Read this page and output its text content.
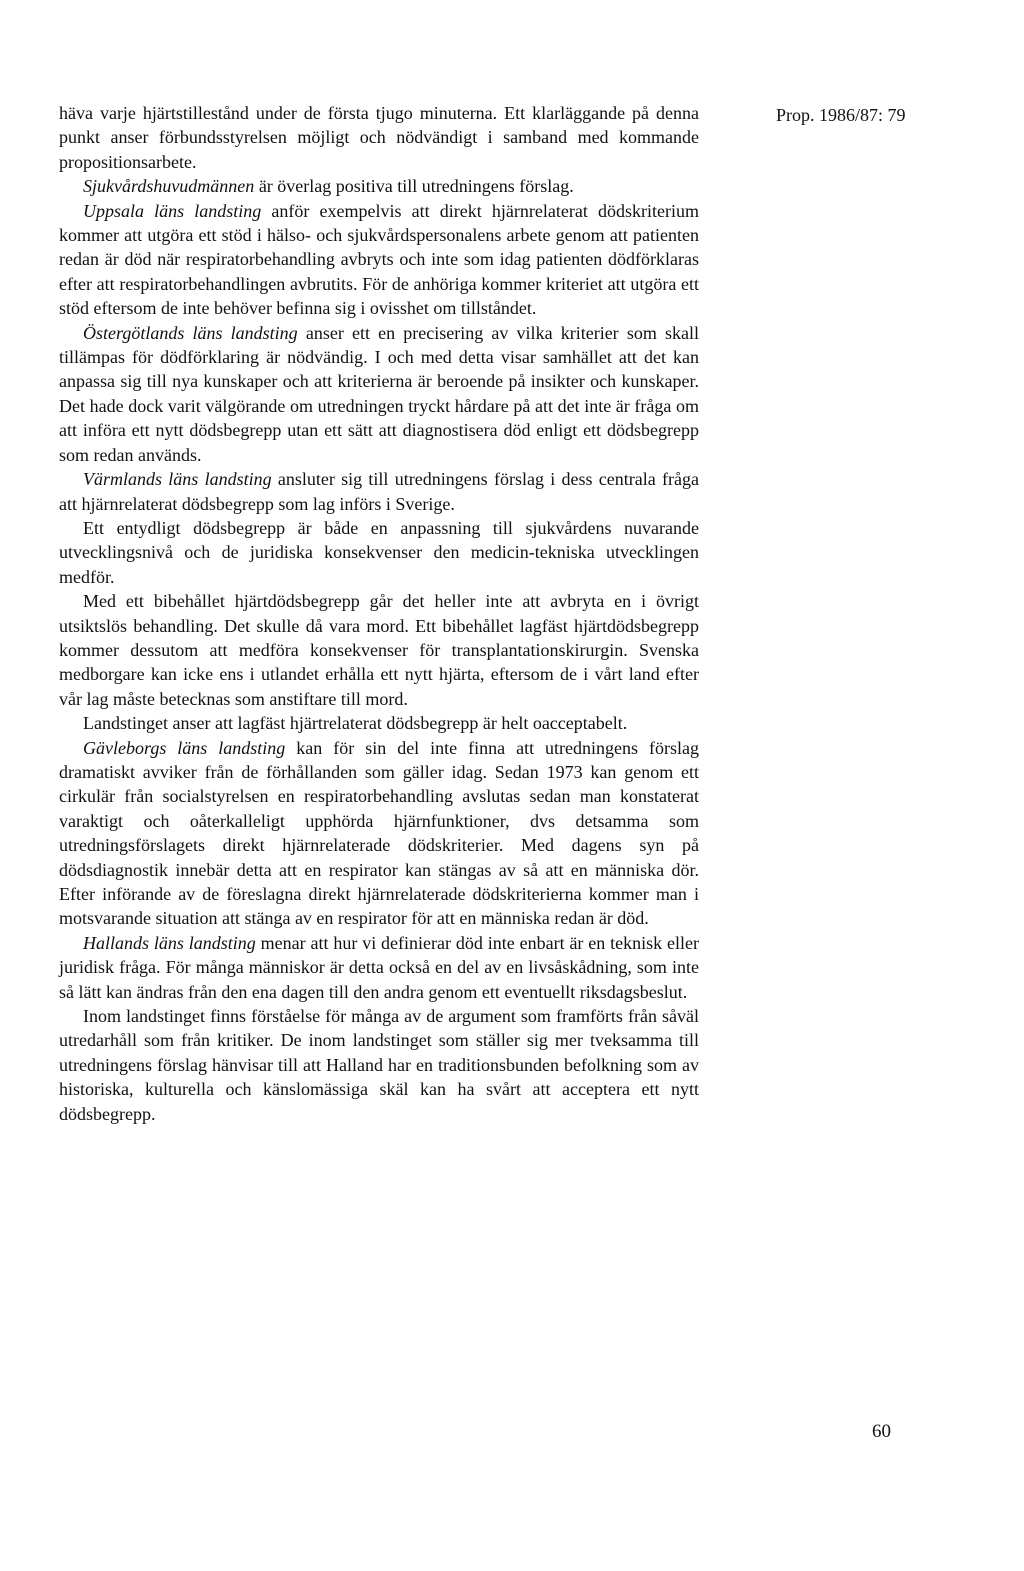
Prop. 1986/87: 79

häva varje hjärtstillestånd under de första tjugo minuterna. Ett klarläggande på denna punkt anser förbundsstyrelsen möjligt och nödvändigt i samband med kommande propositionsarbete.

Sjukvårdshuvudmännen är överlag positiva till utredningens förslag.

Uppsala läns landsting anför exempelvis att direkt hjärnrelaterat dödskriterium kommer att utgöra ett stöd i hälso- och sjukvårdspersonalens arbete genom att patienten redan är död när respiratorbehandling avbryts och inte som idag patienten dödförklaras efter att respiratorbehandlingen avbrutits. För de anhöriga kommer kriteriet att utgöra ett stöd eftersom de inte behöver befinna sig i ovisshet om tillståndet.

Östergötlands läns landsting anser ett en precisering av vilka kriterier som skall tillämpas för dödförklaring är nödvändig. I och med detta visar samhället att det kan anpassa sig till nya kunskaper och att kriterierna är beroende på insikter och kunskaper. Det hade dock varit välgörande om utredningen tryckt hårdare på att det inte är fråga om att införa ett nytt dödsbegrepp utan ett sätt att diagnostisera död enligt ett dödsbegrepp som redan används.

Värmlands läns landsting ansluter sig till utredningens förslag i dess centrala fråga att hjärnrelaterat dödsbegrepp som lag införs i Sverige.

Ett entydligt dödsbegrepp är både en anpassning till sjukvårdens nuvarande utvecklingsnivå och de juridiska konsekvenser den medicin-tekniska utvecklingen medför.

Med ett bibehållet hjärtdödsbegrepp går det heller inte att avbryta en i övrigt utsiktslös behandling. Det skulle då vara mord. Ett bibehållet lagfäst hjärtdödsbegrepp kommer dessutom att medföra konsekvenser för transplantationskirurgin. Svenska medborgare kan icke ens i utlandet erhålla ett nytt hjärta, eftersom de i vårt land efter vår lag måste betecknas som anstiftare till mord.

Landstinget anser att lagfäst hjärtrelaterat dödsbegrepp är helt oacceptabelt.

Gävleborgs läns landsting kan för sin del inte finna att utredningens förslag dramatiskt avviker från de förhållanden som gäller idag. Sedan 1973 kan genom ett cirkulär från socialstyrelsen en respiratorbehandling avslutas sedan man konstaterat varaktigt och oåterkalleligt upphörda hjärnfunktioner, dvs detsamma som utredningsförslagets direkt hjärnrelaterade dödskriterier. Med dagens syn på dödsdiagnostik innebär detta att en respirator kan stängas av så att en människa dör. Efter införande av de föreslagna direkt hjärnrelaterade dödskriterierna kommer man i motsvarande situation att stänga av en respirator för att en människa redan är död.

Hallands läns landsting menar att hur vi definierar död inte enbart är en teknisk eller juridisk fråga. För många människor är detta också en del av en livsåskådning, som inte så lätt kan ändras från den ena dagen till den andra genom ett eventuellt riksdagsbeslut.

Inom landstinget finns förståelse för många av de argument som framförts från såväl utredarhåll som från kritiker. De inom landstinget som ställer sig mer tveksamma till utredningens förslag hänvisar till att Halland har en traditionsbunden befolkning som av historiska, kulturella och känslomässiga skäl kan ha svårt att acceptera ett nytt dödsbegrepp.

60
